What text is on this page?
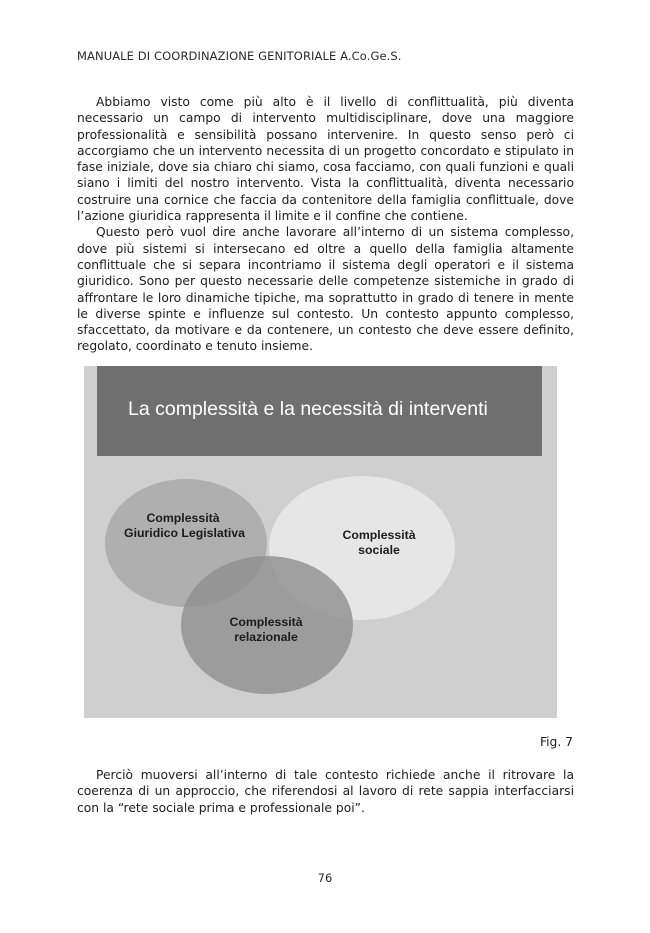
MANUALE DI COORDINAZIONE GENITORIALE A.Co.Ge.S.

Abbiamo visto come più alto è il livello di conflittualità, più diventa necessario un campo di intervento multidisciplinare, dove una maggiore professionalità e sensibilità possano intervenire. In questo senso però ci accorgiamo che un intervento necessita di un progetto concordato e stipulato in fase iniziale, dove sia chiaro chi siamo, cosa facciamo, con quali funzioni e quali siano i limiti del nostro intervento. Vista la conflittualità, diventa necessario costruire una cornice che faccia da contenitore della famiglia conflittuale, dove l’azione giuridica rappresenta il limite e il confine che contiene.

Questo però vuol dire anche lavorare all’interno di un sistema complesso, dove più sistemi si intersecano ed oltre a quello della famiglia altamente conflittuale che si separa incontriamo il sistema degli operatori e il sistema giuridico. Sono per questo necessarie delle competenze sistemiche in grado di affrontare le loro dinamiche tipiche, ma soprattutto in grado di tenere in mente le diverse spinte e influenze sul contesto. Un contesto appunto complesso, sfaccettato, da motivare e da contenere, un contesto che deve essere definito, regolato, coordinato e tenuto insieme.

La complessità e la necessità di interventi
Complessità
Giuridico Legislativa	Complessità
sociale
Complessità
relazionale
Fig. 7

Perciò muoversi all’interno di tale contesto richiede anche il ritrovare la coerenza di un approccio, che riferendosi al lavoro di rete sappia interfacciarsi con la “rete sociale prima e professionale poi”.

76
